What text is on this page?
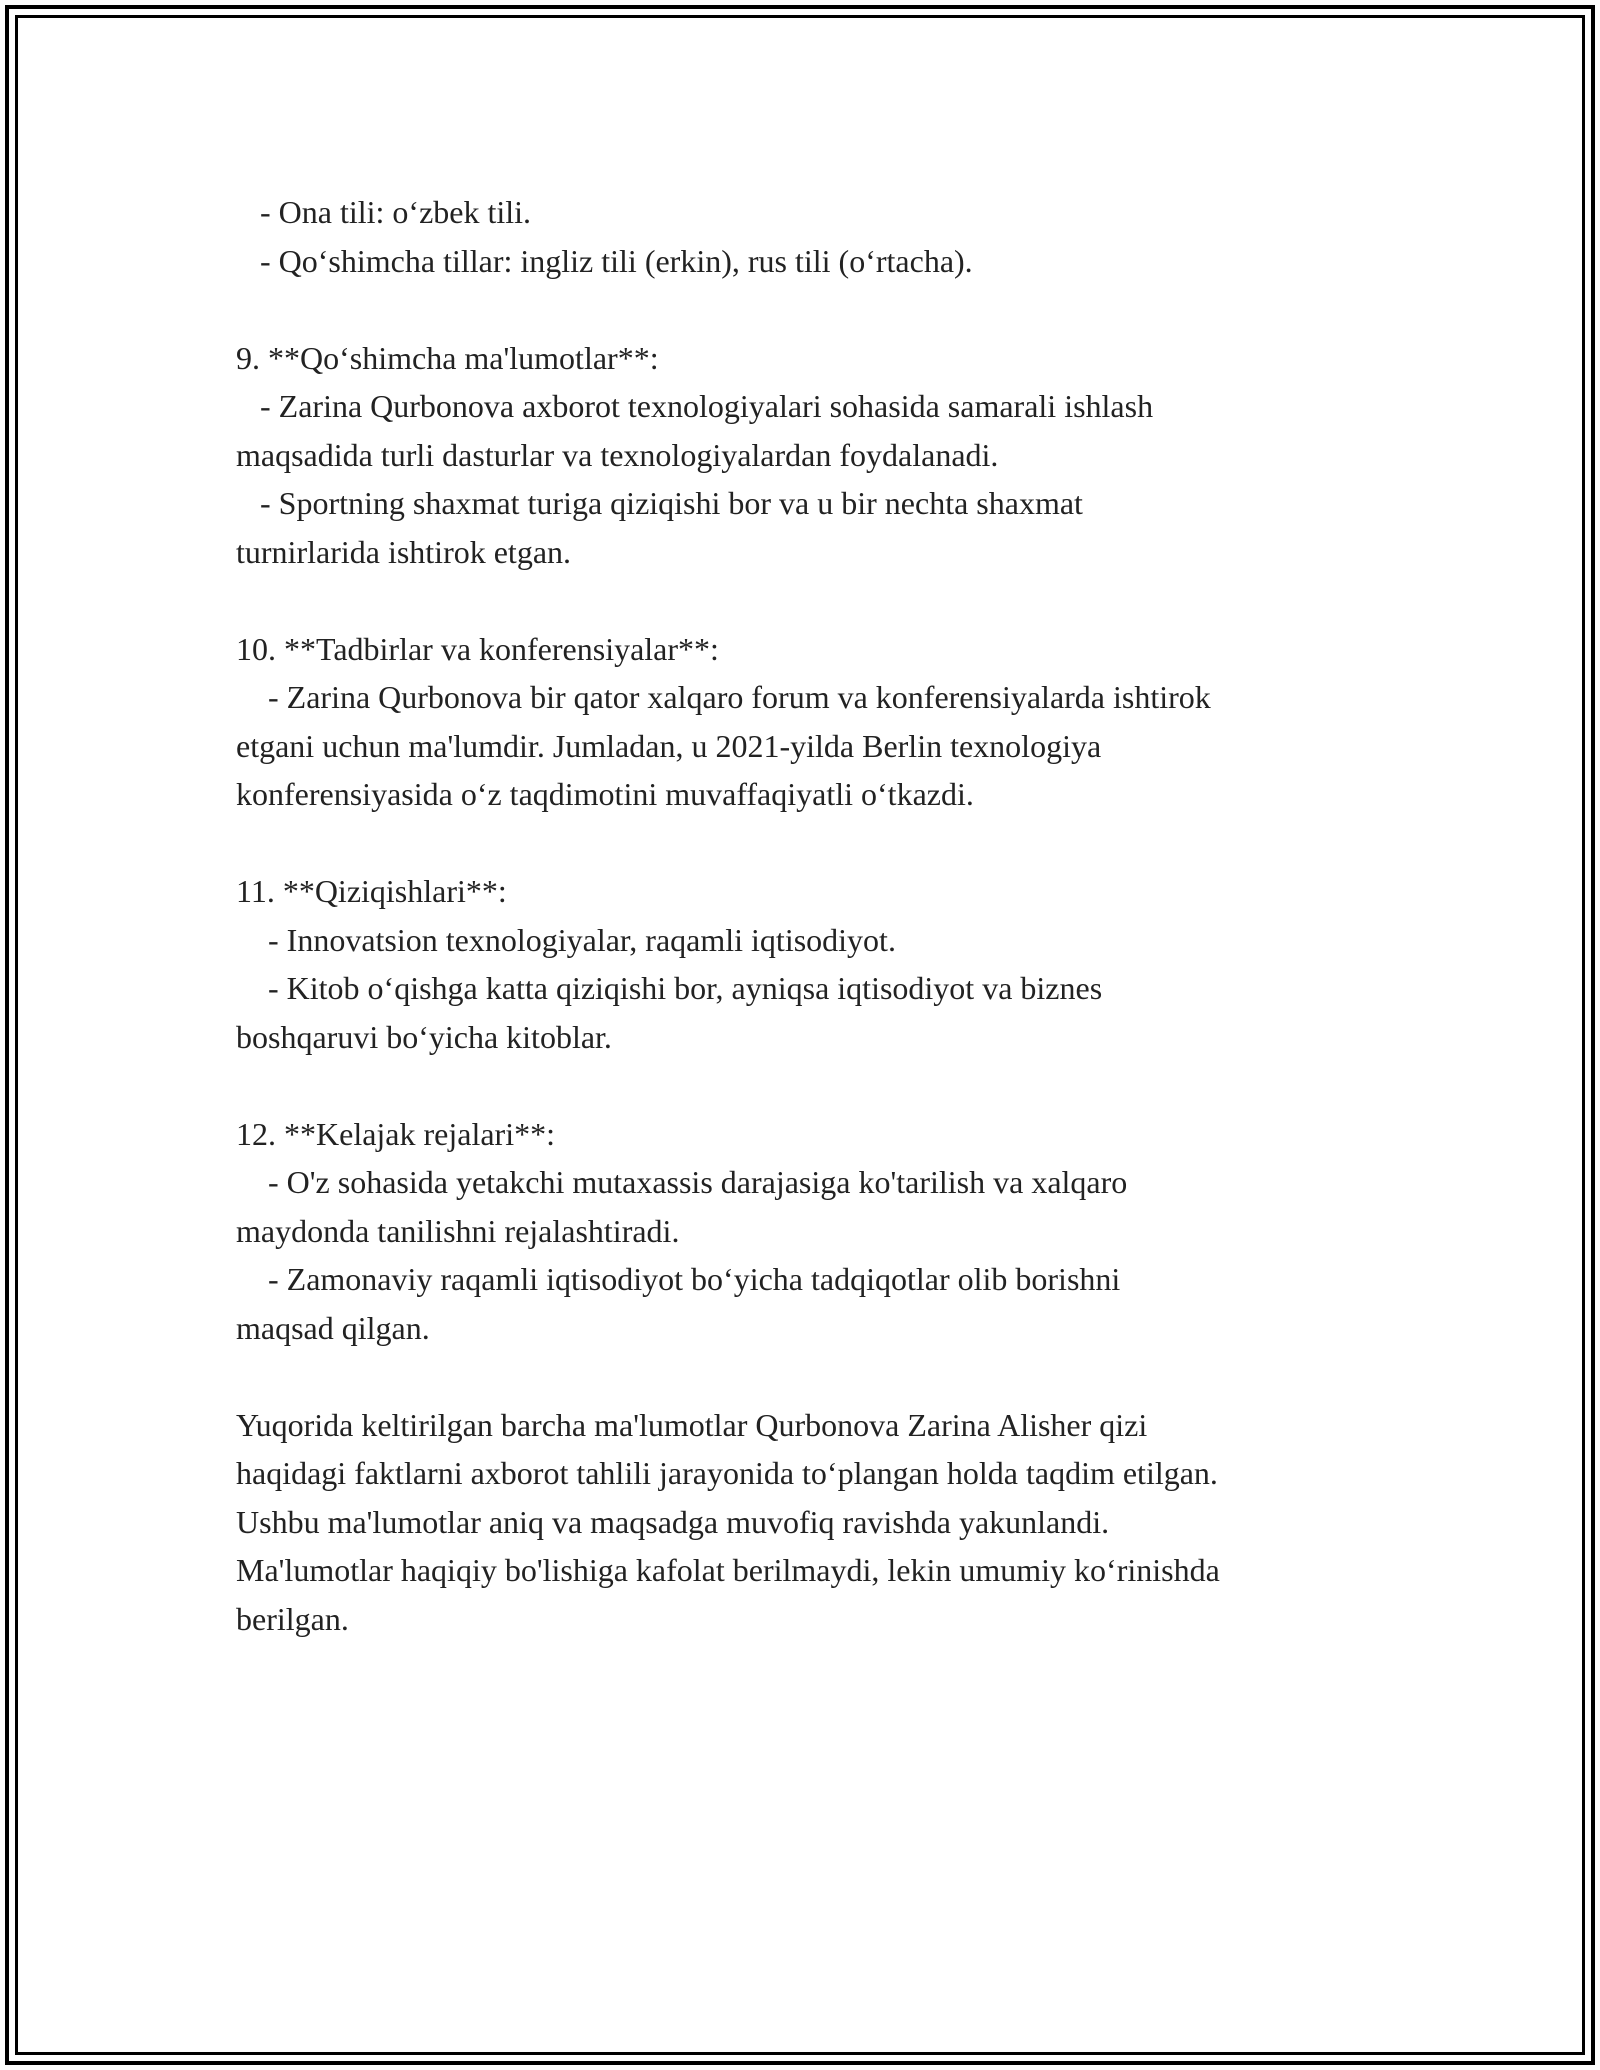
- Ona tili: o‘zbek tili.
- Qo‘shimcha tillar: ingliz tili (erkin), rus tili (o‘rtacha).
9. **Qo‘shimcha ma'lumotlar**:
- Zarina Qurbonova axborot texnologiyalari sohasida samarali ishlash
maqsadida turli dasturlar va texnologiyalardan foydalanadi.
- Sportning shaxmat turiga qiziqishi bor va u bir nechta shaxmat
turnirlarida ishtirok etgan.
10. **Tadbirlar va konferensiyalar**:
- Zarina Qurbonova bir qator xalqaro forum va konferensiyalarda ishtirok
etgani uchun ma'lumdir. Jumladan, u 2021-yilda Berlin texnologiya
konferensiyasida o‘z taqdimotini muvaffaqiyatli o‘tkazdi.
11. **Qiziqishlari**:
- Innovatsion texnologiyalar, raqamli iqtisodiyot.
- Kitob o‘qishga katta qiziqishi bor, ayniqsa iqtisodiyot va biznes
boshqaruvi bo‘yicha kitoblar.
12. **Kelajak rejalari**:
- O'z sohasida yetakchi mutaxassis darajasiga ko'tarilish va xalqaro
maydonda tanilishni rejalashtiradi.
- Zamonaviy raqamli iqtisodiyot bo‘yicha tadqiqotlar olib borishni
maqsad qilgan.
Yuqorida keltirilgan barcha ma'lumotlar Qurbonova Zarina Alisher qizi
haqidagi faktlarni axborot tahlili jarayonida to‘plangan holda taqdim etilgan.
Ushbu ma'lumotlar aniq va maqsadga muvofiq ravishda yakunlandi.
Ma'lumotlar haqiqiy bo'lishiga kafolat berilmaydi, lekin umumiy ko‘rinishda
berilgan.
